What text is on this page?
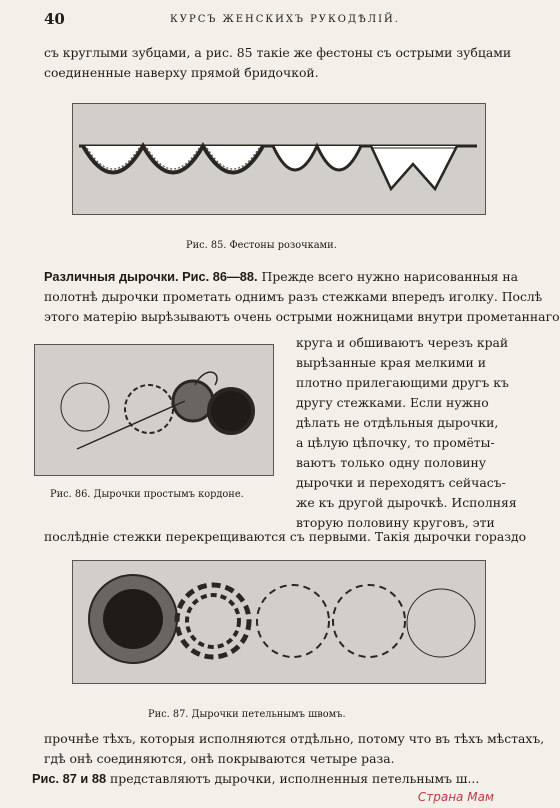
40	КУРСЪ ЖЕНСКИХЪ РУКОДѢЛІЙ.
съ круглыми зубцами, а рис. 85 такіе же фестоны съ острыми зубцами
соединенные наверху прямой бридочкой.
Рис. 85. Фестоны розочками.
Различныя дырочки. Рис. 86—88. Прежде всего нужно нарисованныя на
полотнѣ дырочки прометать однимъ разъ стежками впередъ иголку. Послѣ
этого матерію вырѣзываютъ очень острыми ножницами внутри прометаннаго
Рис. 86. Дырочки простымъ кордоне.
круга и обшиваютъ черезъ край
вырѣзанные края мелкими и
плотно прилегающими другъ къ
другу стежками. Если нужно
дѣлать не отдѣльныя дырочки,
а цѣлую цѣпочку, то промёты-
ваютъ только одну половину
дырочки и переходятъ сейчасъ-
же къ другой дырочкѣ. Исполняя
вторую половину круговъ, эти
послѣдніе стежки перекрещиваются съ первыми. Такія дырочки гораздо
Рис. 87. Дырочки петельнымъ швомъ.
прочнѣе тѣхъ, которыя исполняются отдѣльно, потому что въ тѣхъ мѣстахъ,
гдѣ онѣ соединяются, онѣ покрываются четыре раза.
Рис. 87 и 88 представляютъ дырочки, исполненныя петельнымъ ш...
Страна Мам
